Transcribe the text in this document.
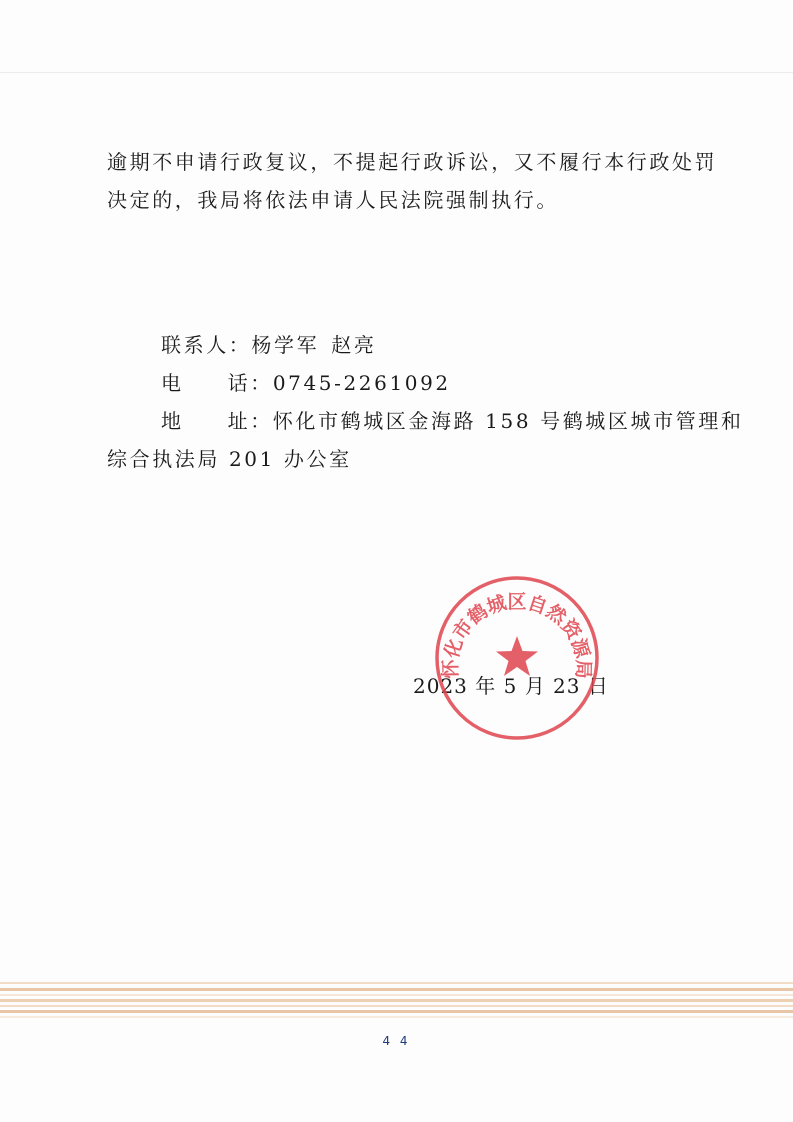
逾期不申请行政复议，不提起行政诉讼，又不履行本行政处罚
决定的，我局将依法申请人民法院强制执行。
联系人：杨学军 赵亮
电 话：0745-2261092
地 址：怀化市鹤城区金海路 158 号鹤城区城市管理和
综合执法局 201 办公室
2023 年 5 月 23 日
怀化市鹤城区自然资源局
4 4
